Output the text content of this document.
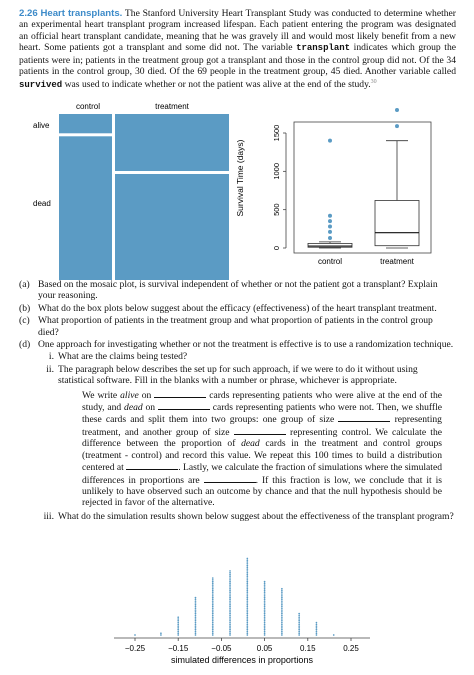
2.26 Heart transplants. The Stanford University Heart Transplant Study was conducted to determine whether an experimental heart transplant program increased lifespan. Each patient entering the program was designated an official heart transplant candidate, meaning that he was gravely ill and would most likely benefit from a new heart. Some patients got a transplant and some did not. The variable transplant indicates which group the patients were in; patients in the treatment group got a transplant and those in the control group did not. Of the 34 patients in the control group, 30 died. Of the 69 people in the treatment group, 45 died. Another variable called survived was used to indicate whether or not the patient was alive at the end of the study.$^{30}$
control	treatment
alive
dead	Survival Time (days)
0
500
1000
1500
control	treatment
(a) Based on the mosaic plot, is survival independent of whether or not the patient got a transplant? Explain your reasoning.
(b) What do the box plots below suggest about the efficacy (effectiveness) of the heart transplant treatment.
(c) What proportion of patients in the treatment group and what proportion of patients in the control group died?
(d) One approach for investigating whether or not the treatment is effective is to use a randomization technique.
i. What are the claims being tested?
ii. The paragraph below describes the set up for such approach, if we were to do it without using statistical software. Fill in the blanks with a number or phrase, whichever is appropriate.
We write alive on	cards representing patients who were alive at the end of the study, and dead on	cards representing patients who were not. Then, we shuffle these cards and split them into two groups: one group of size	representing treatment, and another group of size	representing control. We calculate the difference between the proportion of dead cards in the treatment and control groups (treatment - control) and record this value. We repeat this 100 times to build a distribution centered at	. Lastly, we calculate the fraction of simulations where the simulated differences in proportions are	. If this fraction is low, we conclude that it is unlikely to have observed such an outcome by chance and that the null hypothesis should be rejected in favor of the alternative.
iii. What do the simulation results shown below suggest about the effectiveness of the transplant program?
−0.25	−0.15	−0.05	0.05	0.15	0.25
simulated differences in proportions
